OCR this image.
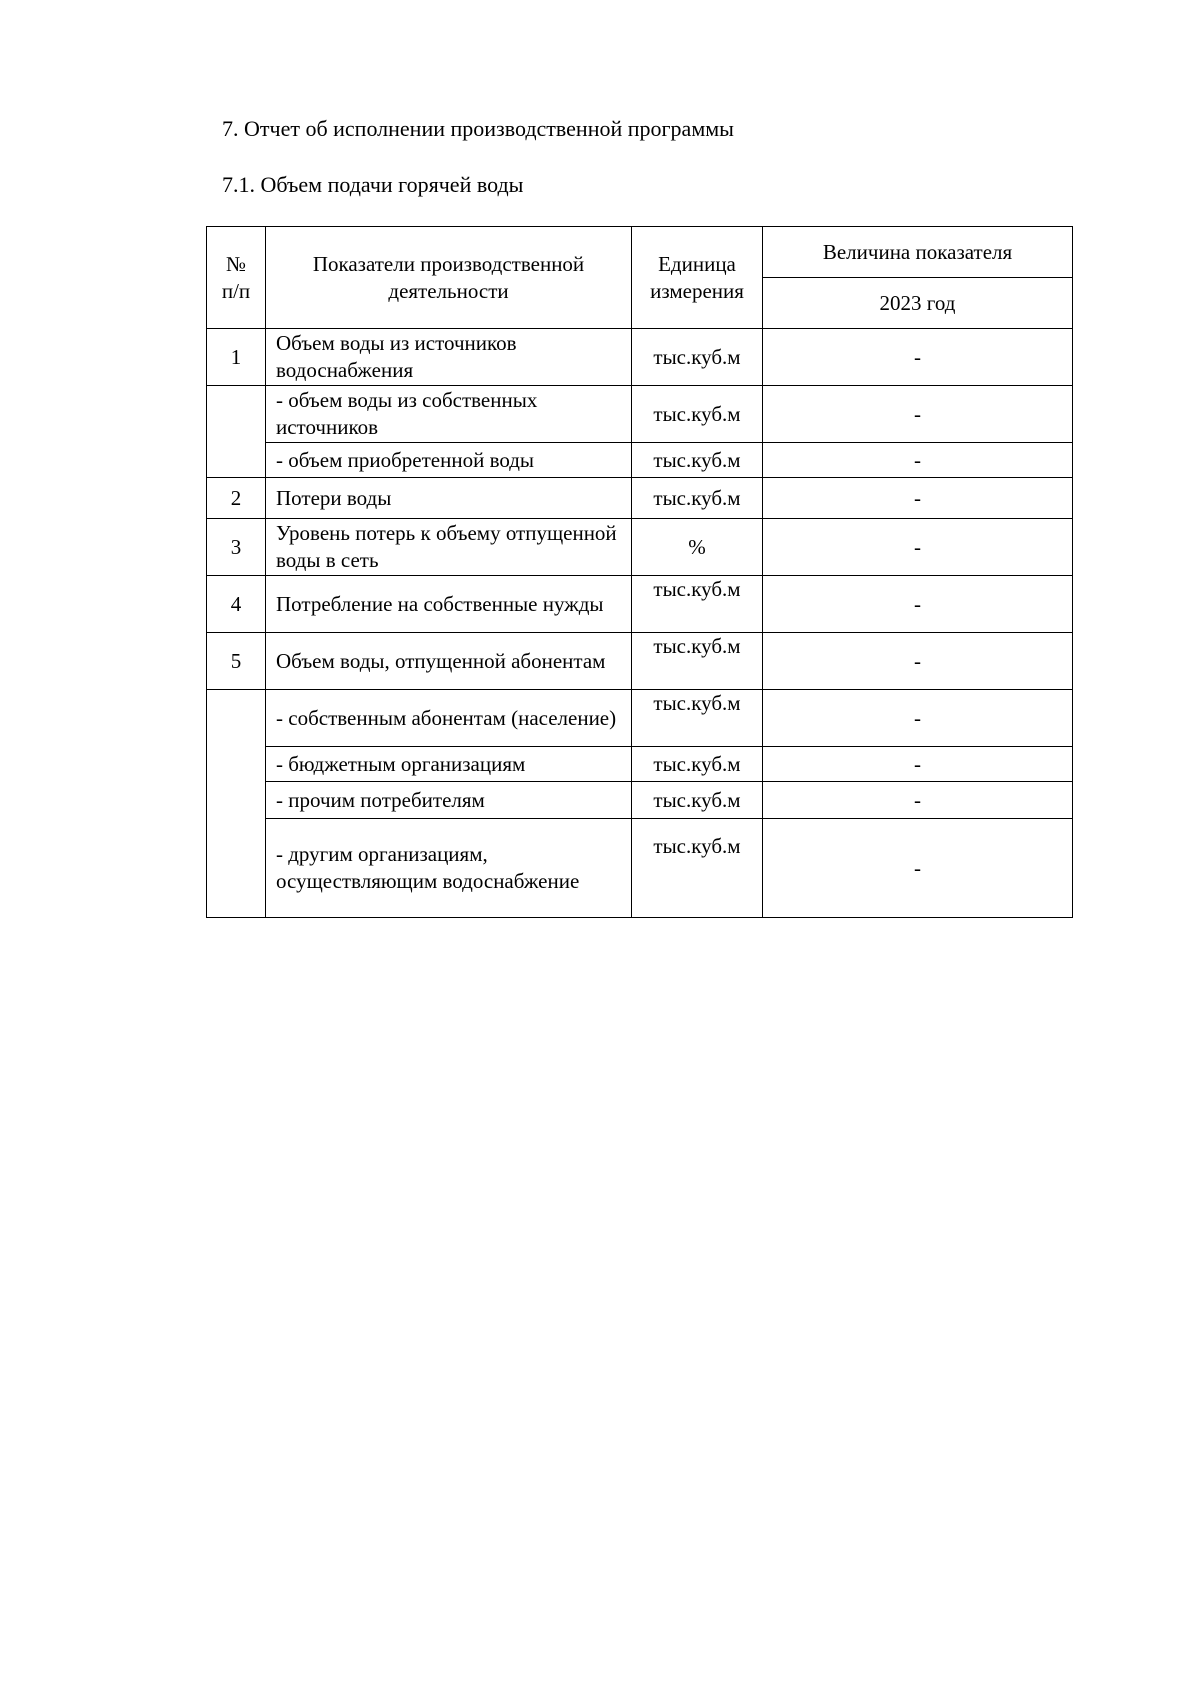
7. Отчет об исполнении производственной программы
7.1. Объем подачи горячей воды
№ п/п	Показатели производственной деятельности	Единица измерения	Величина показателя
			2023 год
1	Объем воды из источников водоснабжения	тыс.куб.м	-
	- объем воды из собственных источников	тыс.куб.м	-
	- объем приобретенной воды	тыс.куб.м	-
2	Потери воды	тыс.куб.м	-
3	Уровень потерь к объему отпущенной воды в сеть	%	-
4	Потребление на собственные нужды	тыс.куб.м	-
5	Объем воды, отпущенной абонентам	тыс.куб.м	-
	- собственным абонентам (население)	тыс.куб.м	-
	- бюджетным организациям	тыс.куб.м	-
	- прочим потребителям	тыс.куб.м	-
	- другим организациям, осуществляющим водоснабжение	тыс.куб.м	-
